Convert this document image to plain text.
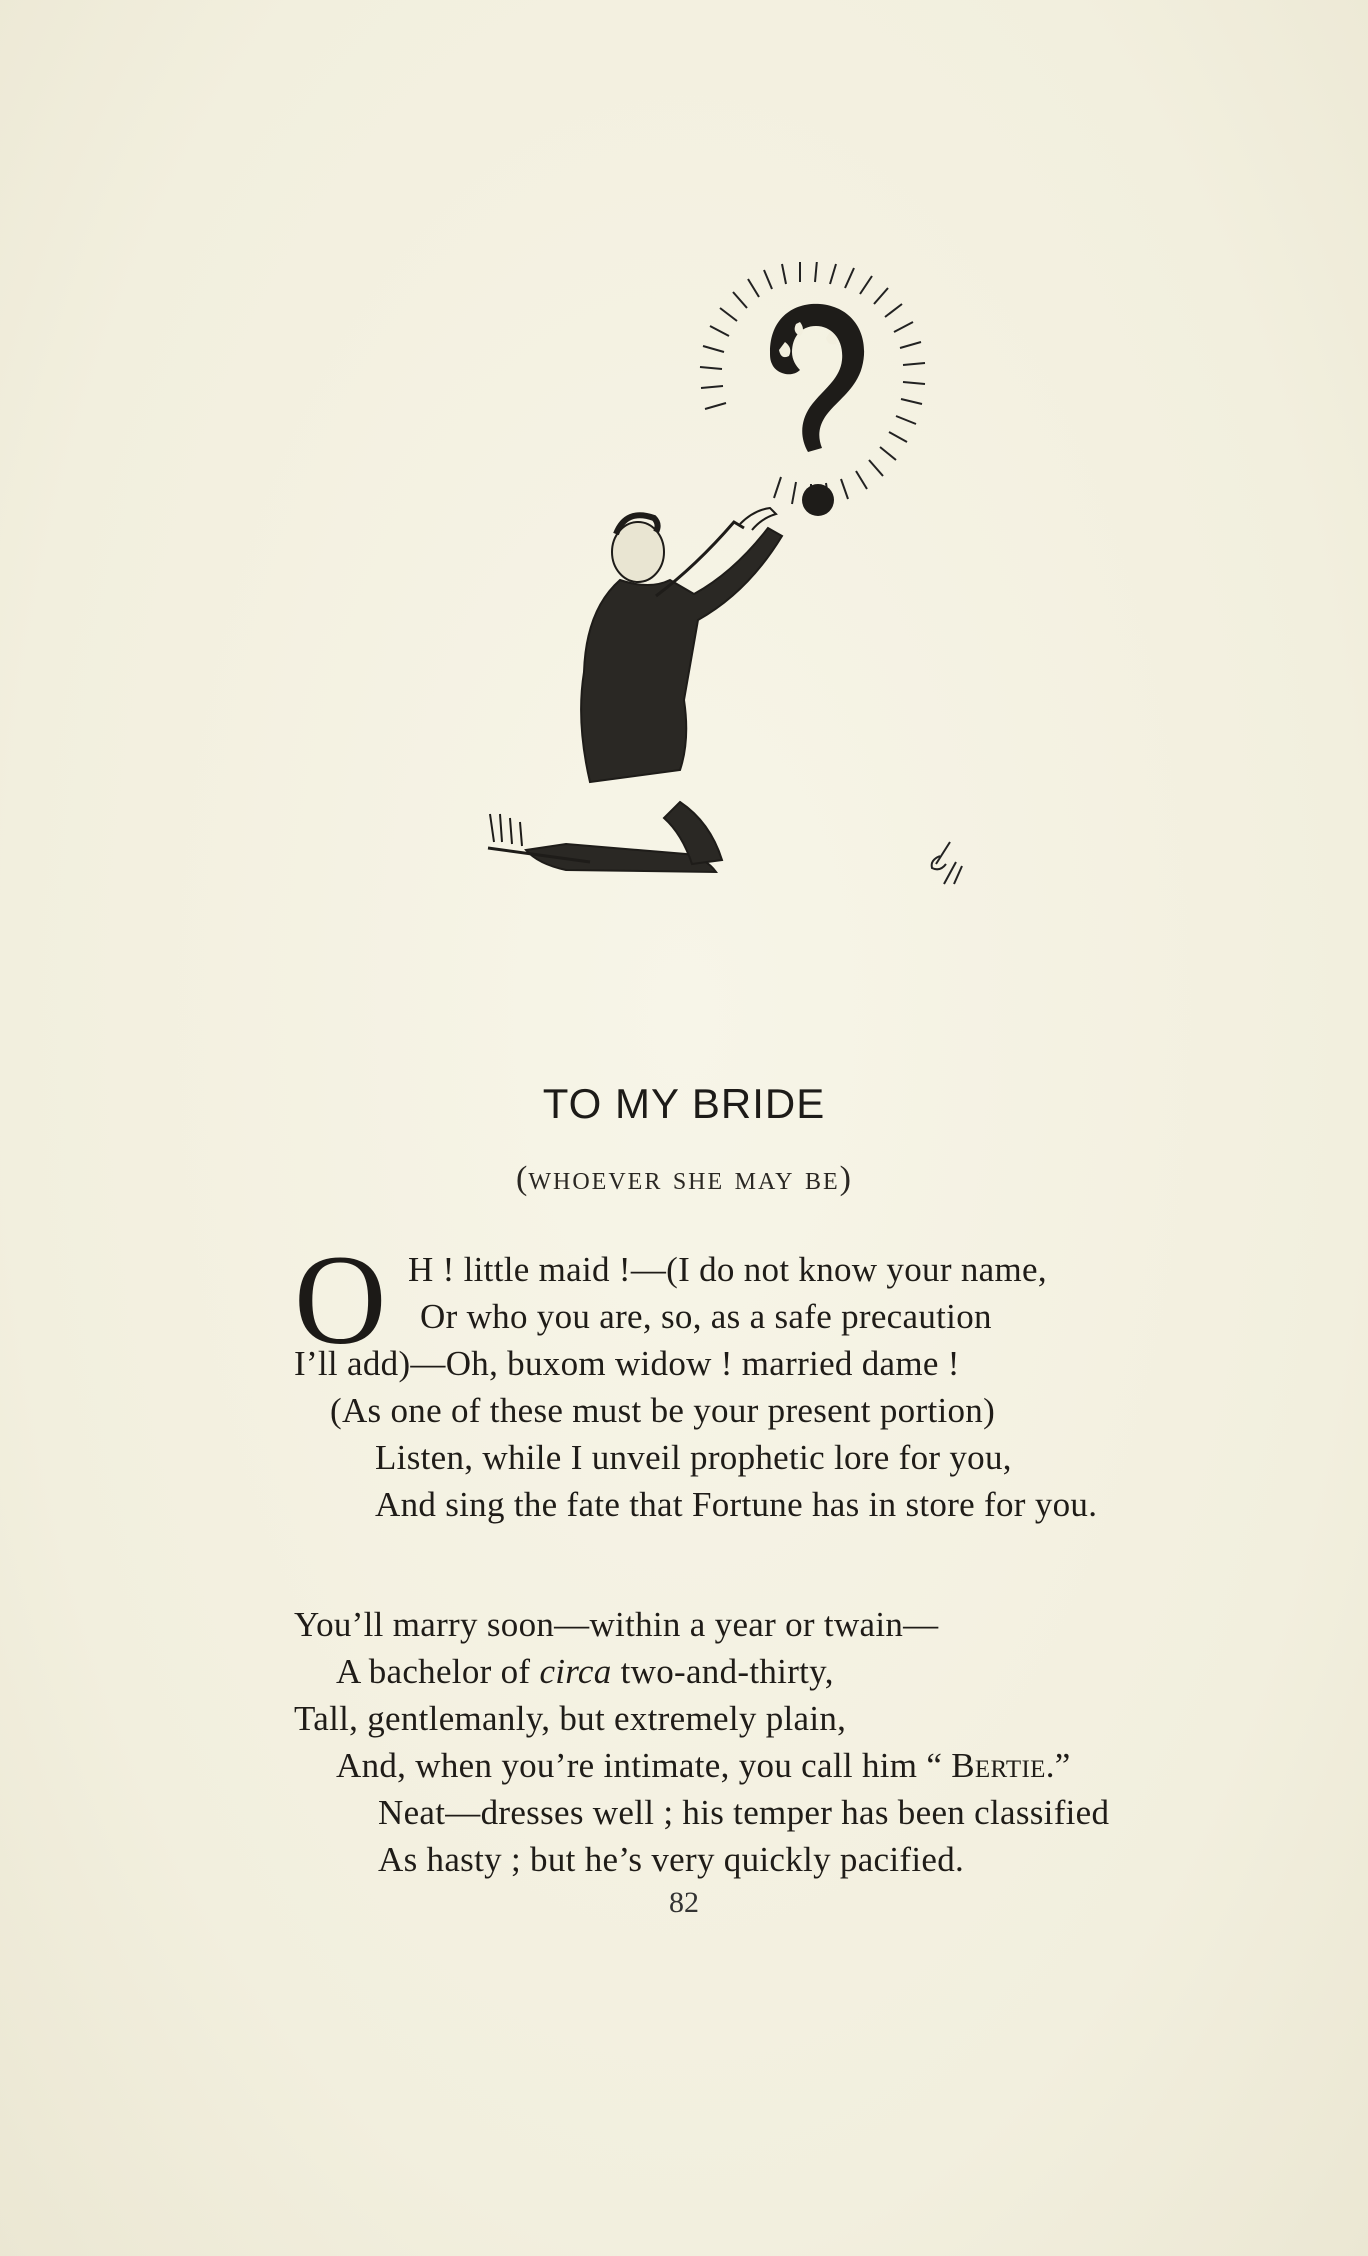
TO MY BRIDE
(whoever she may be)
O H ! little maid !—(I do not know your name,
Or who you are, so, as a safe precaution
I’ll add)—Oh, buxom widow ! married dame !
(As one of these must be your present portion)
Listen, while I unveil prophetic lore for you,
And sing the fate that Fortune has in store for you.
You’ll marry soon—within a year or twain—
A bachelor of circa two-and-thirty,
Tall, gentlemanly, but extremely plain,
And, when you’re intimate, you call him “ Bertie.”
Neat—dresses well ; his temper has been classified
As hasty ; but he’s very quickly pacified.
82
